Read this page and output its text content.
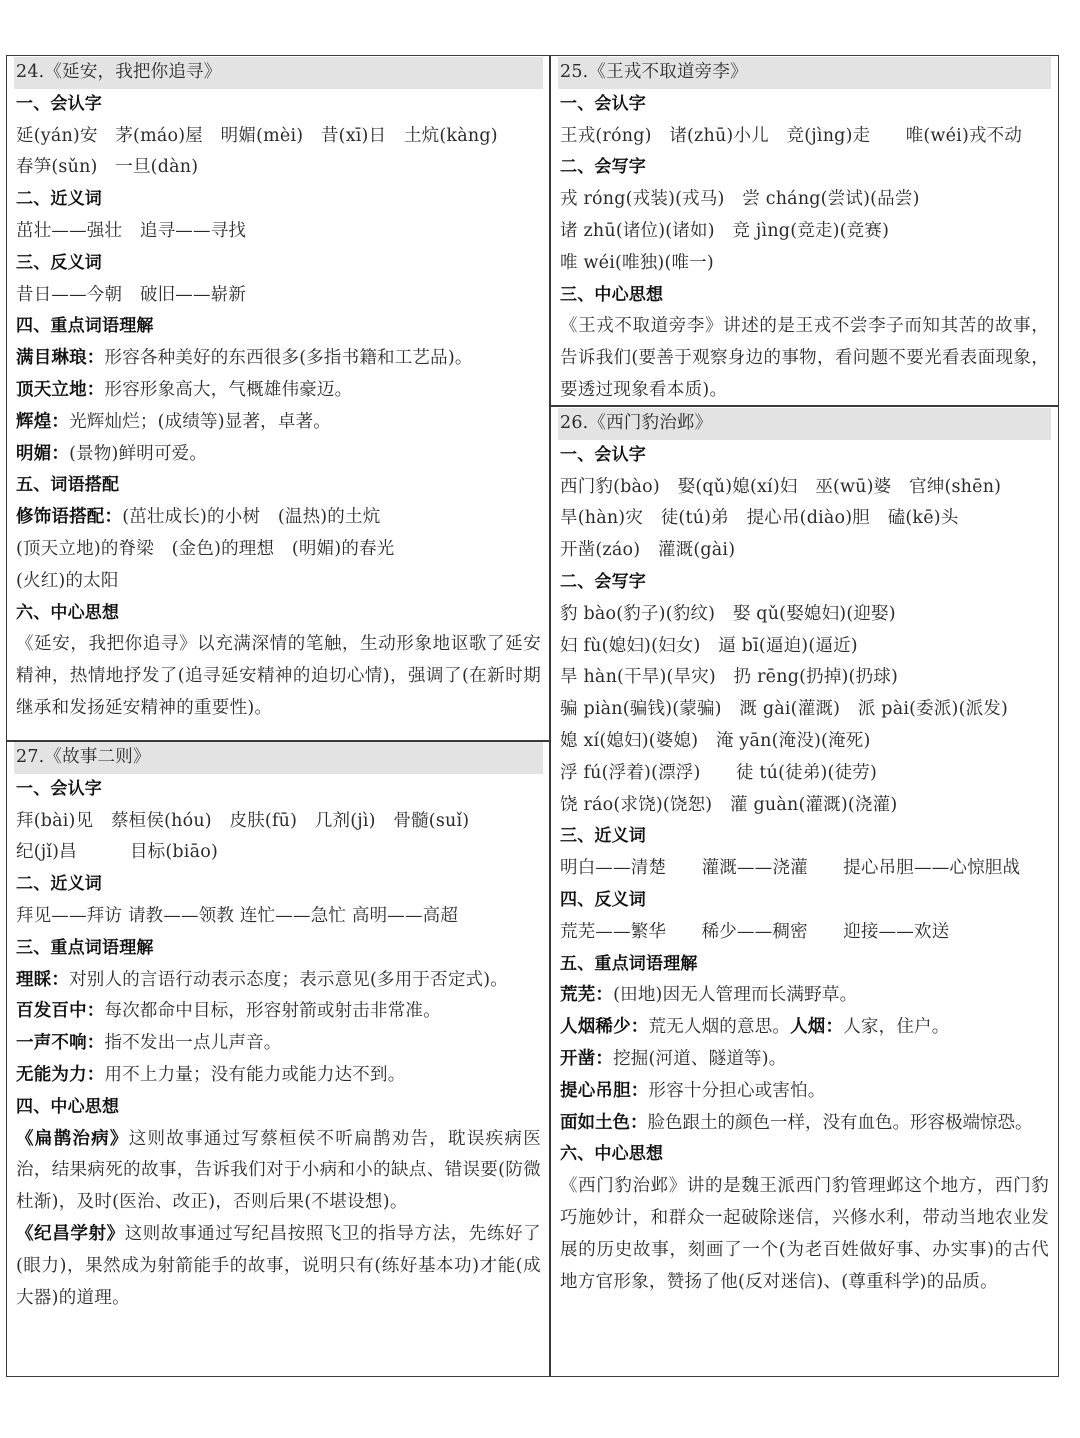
24.《延安，我把你追寻》
一、会认字
延(yán)安　茅(máo)屋　明媚(mèi)　昔(xī)日　土炕(kàng)
春笋(sǔn)　一旦(dàn)
二、近义词
茁壮——强壮　追寻——寻找
三、反义词
昔日——今朝　破旧——崭新
四、重点词语理解
满目琳琅：形容各种美好的东西很多(多指书籍和工艺品)。
顶天立地：形容形象高大，气概雄伟豪迈。
辉煌：光辉灿烂；(成绩等)显著，卓著。
明媚：(景物)鲜明可爱。
五、词语搭配
修饰语搭配：(茁壮成长)的小树　(温热)的土炕
(顶天立地)的脊梁　(金色)的理想　(明媚)的春光
(火红)的太阳
六、中心思想
《延安，我把你追寻》以充满深情的笔触，生动形象地讴歌了延安精神，热情地抒发了(追寻延安精神的迫切心情)，强调了(在新时期继承和发扬延安精神的重要性)。
27.《故事二则》
一、会认字
拜(bài)见　蔡桓侯(hóu)　皮肤(fū)　几剂(jì)　骨髓(suǐ)
纪(jǐ)昌　　　目标(biāo)
二、近义词
拜见——拜访 请教——领教 连忙——急忙 高明——高超
三、重点词语理解
理睬：对别人的言语行动表示态度；表示意见(多用于否定式)。
百发百中：每次都命中目标，形容射箭或射击非常准。
一声不响：指不发出一点儿声音。
无能为力：用不上力量；没有能力或能力达不到。
四、中心思想
《扁鹊治病》这则故事通过写蔡桓侯不听扁鹊劝告，耽误疾病医治，结果病死的故事，告诉我们对于小病和小的缺点、错误要(防微杜渐)，及时(医治、改正)，否则后果(不堪设想)。
《纪昌学射》这则故事通过写纪昌按照飞卫的指导方法，先练好了(眼力)，果然成为射箭能手的故事，说明只有(练好基本功)才能(成大器)的道理。
25.《王戎不取道旁李》
一、会认字
王戎(róng)　诸(zhū)小儿　竞(jìng)走　　唯(wéi)戎不动
二、会写字
戎 róng(戎装)(戎马)　尝 cháng(尝试)(品尝)
诸 zhū(诸位)(诸如)　竞 jìng(竞走)(竞赛)
唯 wéi(唯独)(唯一)
三、中心思想
《王戎不取道旁李》讲述的是王戎不尝李子而知其苦的故事，告诉我们(要善于观察身边的事物，看问题不要光看表面现象，要透过现象看本质)。
26.《西门豹治邺》
一、会认字
西门豹(bào)　娶(qǔ)媳(xí)妇　巫(wū)婆　官绅(shēn)
旱(hàn)灾　徒(tú)弟　提心吊(diào)胆　磕(kē)头
开凿(záo)　灌溉(gài)
二、会写字
豹 bào(豹子)(豹纹)　娶 qǔ(娶媳妇)(迎娶)
妇 fù(媳妇)(妇女)　逼 bī(逼迫)(逼近)
旱 hàn(干旱)(旱灾)　扔 rēng(扔掉)(扔球)
骗 piàn(骗钱)(蒙骗)　溉 gài(灌溉)　派 pài(委派)(派发)
媳 xí(媳妇)(婆媳)　淹 yān(淹没)(淹死)
浮 fú(浮着)(漂浮)　　徒 tú(徒弟)(徒劳)
饶 ráo(求饶)(饶恕)　灌 guàn(灌溉)(浇灌)
三、近义词
明白——清楚　　灌溉——浇灌　　提心吊胆——心惊胆战
四、反义词
荒芜——繁华　　稀少——稠密　　迎接——欢送
五、重点词语理解
荒芜：(田地)因无人管理而长满野草。
人烟稀少：荒无人烟的意思。人烟：人家，住户。
开凿：挖掘(河道、隧道等)。
提心吊胆：形容十分担心或害怕。
面如土色：脸色跟土的颜色一样，没有血色。形容极端惊恐。
六、中心思想
《西门豹治邺》讲的是魏王派西门豹管理邺这个地方，西门豹巧施妙计，和群众一起破除迷信，兴修水利，带动当地农业发展的历史故事，刻画了一个(为老百姓做好事、办实事)的古代地方官形象，赞扬了他(反对迷信)、(尊重科学)的品质。
